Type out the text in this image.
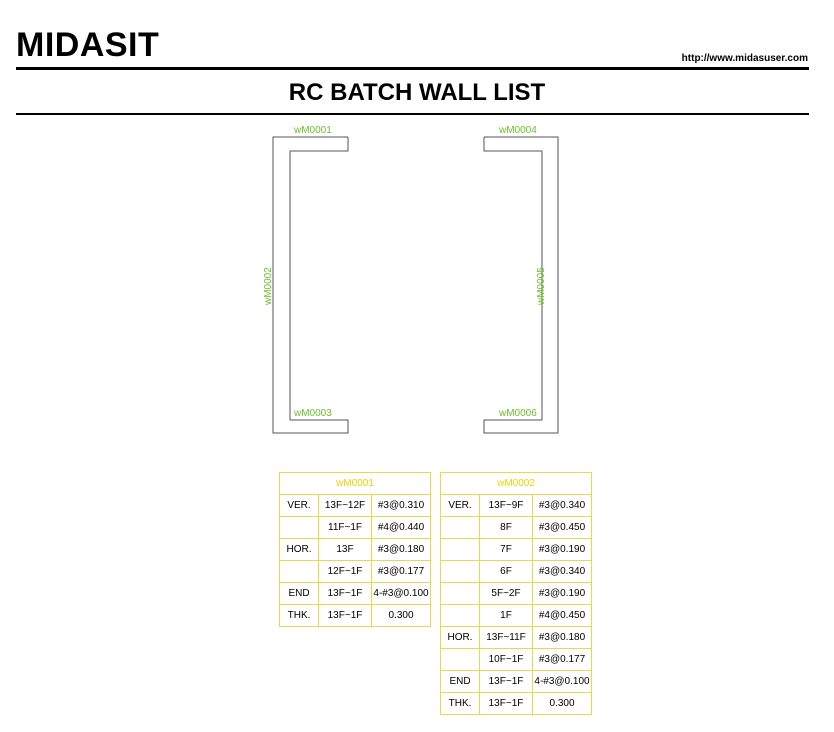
MIDASIT	http://www.midasuser.com
RC BATCH WALL LIST
wM0001
wM0002
wM0003
wM0004
wM0005
wM0006
wM0001		
VER.	13F~12F	#3@0.310
	11F~1F	#4@0.440
HOR.	13F	#3@0.180
	12F~1F	#3@0.177
END	13F~1F	4-#3@0.100
THK.	13F~1F	0.300
wM0002		
VER.	13F~9F	#3@0.340
	8F	#3@0.450
	7F	#3@0.190
	6F	#3@0.340
	5F~2F	#3@0.190
	1F	#4@0.450
HOR.	13F~11F	#3@0.180
	10F~1F	#3@0.177
END	13F~1F	4-#3@0.100
THK.	13F~1F	0.300
